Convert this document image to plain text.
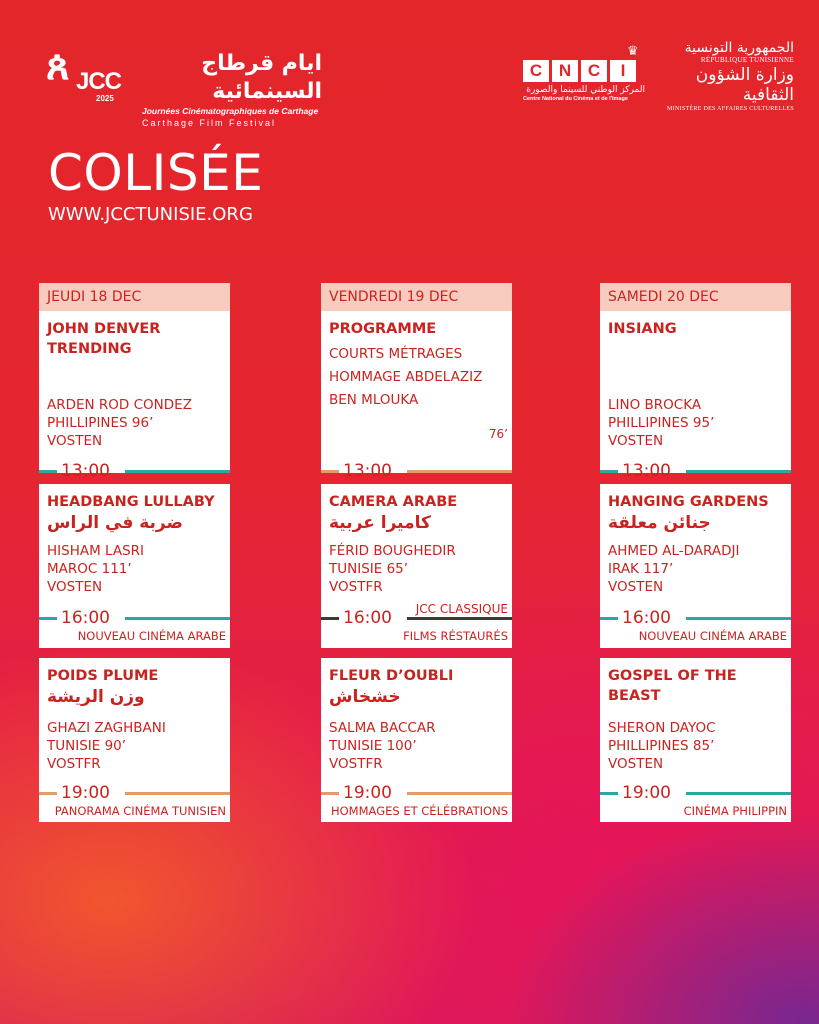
ጰ JCC
2025
ايام قرطاج السينمائية
Journées Cinématographiques de Carthage
Carthage Film Festival
♛
C N C	I
المركز الوطني للسينما والصورة
Centre National du Cinéma et de l'Image
الجمهورية التونسية
RÉPUBLIQUE TUNISIENNE
وزارة الشؤون الثقافية
MINISTÈRE DES AFFAIRES CULTURELLES
COLISÉE
WWW.JCCTUNISIE.ORG
JEUDI 18 DEC
JOHN DENVER TRENDING
ARDEN ROD CONDEZ
PHILLIPINES 96’
VOSTEN
13:00
HEADBANG LULLABY
ضربة في الراس
HISHAM LASRI
MAROC 111’
VOSTEN
16:00
NOUVEAU CINÉMA ARABE
POIDS PLUME
وزن الريشة
GHAZI ZAGHBANI
TUNISIE 90’
VOSTFR
19:00
PANORAMA CINÉMA TUNISIEN
VENDREDI 19 DEC
PROGRAMME
COURTS MÉTRAGES
HOMMAGE ABDELAZIZ
BEN MLOUKA
76’
13:00
CAMERA ARABE
كاميرا عربية
FÉRID BOUGHEDIR
TUNISIE 65’
VOSTFR
JCC CLASSIQUE
16:00
FILMS RÉSTAURÉS
FLEUR D’OUBLI
خشخاش
SALMA BACCAR
TUNISIE 100’
VOSTFR
19:00
HOMMAGES ET CÉLÉBRATIONS
SAMEDI 20 DEC
INSIANG
LINO BROCKA
PHILLIPINES 95’
VOSTEN
13:00
HANGING GARDENS
جنائن معلقة
AHMED AL-DARADJI
IRAK 117’
VOSTEN
16:00
NOUVEAU CINÉMA ARABE
GOSPEL OF THE BEAST
SHERON DAYOC
PHILLIPINES 85’
VOSTEN
19:00
CINÉMA PHILIPPIN
